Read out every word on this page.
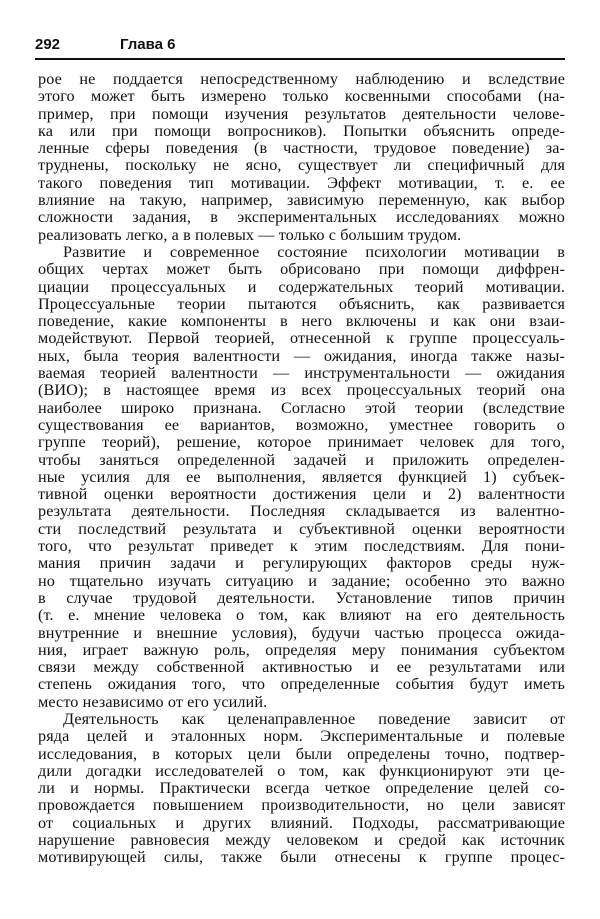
292	Глава 6
рое не поддается непосредственному наблюдению и вследствие
этого может быть измерено только косвенными способами (на-
пример, при помощи изучения результатов деятельности челове-
ка или при помощи вопросников). Попытки объяснить опреде-
ленные сферы поведения (в частности, трудовое поведение) за-
труднены, поскольку не ясно, существует ли специфичный для
такого поведения тип мотивации. Эффект мотивации, т. е. ее
влияние на такую, например, зависимую переменную, как выбор
сложности задания, в экспериментальных исследованиях можно
реализовать легко, а в полевых — только с большим трудом.
Развитие и современное состояние психологии мотивации в
общих чертах может быть обрисовано при помощи диффрен-
циации процессуальных и содержательных теорий мотивации.
Процессуальные теории пытаются объяснить, как развивается
поведение, какие компоненты в него включены и как они взаи-
модействуют. Первой теорией, отнесенной к группе процессуаль-
ных, была теория валентности — ожидания, иногда также назы-
ваемая теорией валентности — инструментальности — ожидания
(ВИО); в настоящее время из всех процессуальных теорий она
наиболее широко признана. Согласно этой теории (вследствие
существования ее вариантов, возможно, уместнее говорить о
группе теорий), решение, которое принимает человек для того,
чтобы заняться определенной задачей и приложить определен-
ные усилия для ее выполнения, является функцией 1) субъек-
тивной оценки вероятности достижения цели и 2) валентности
результата деятельности. Последняя складывается из валентно-
сти последствий результата и субъективной оценки вероятности
того, что результат приведет к этим последствиям. Для пони-
мания причин задачи и регулирующих факторов среды нуж-
но тщательно изучать ситуацию и задание; особенно это важно
в случае трудовой деятельности. Установление типов причин
(т. е. мнение человека о том, как влияют на его деятельность
внутренние и внешние условия), будучи частью процесса ожида-
ния, играет важную роль, определяя меру понимания субъектом
связи между собственной активностью и ее результатами или
степень ожидания того, что определенные события будут иметь
место независимо от его усилий.
Деятельность как целенаправленное поведение зависит от
ряда целей и эталонных норм. Экспериментальные и полевые
исследования, в которых цели были определены точно, подтвер-
дили догадки исследователей о том, как функционируют эти це-
ли и нормы. Практически всегда четкое определение целей со-
провождается повышением производительности, но цели зависят
от социальных и других влияний. Подходы, рассматривающие
нарушение равновесия между человеком и средой как источник
мотивирующей силы, также были отнесены к группе процес-
